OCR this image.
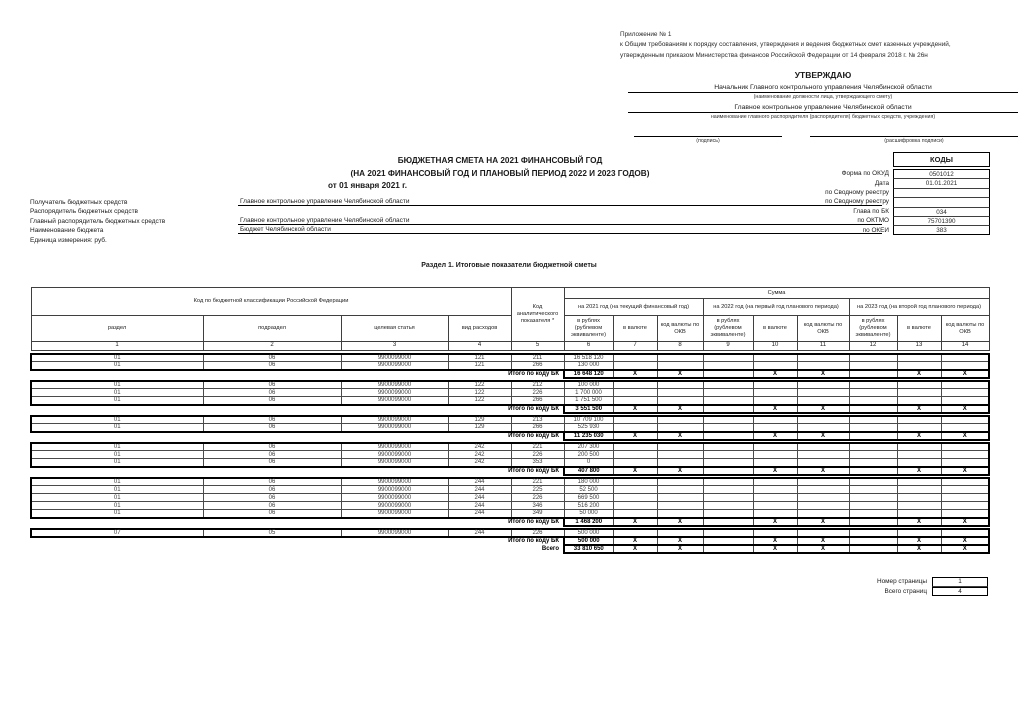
Приложение № 1
к Общим требованиям к порядку составления, утверждения и ведения бюджетных смет казенных учреждений,
утвержденным приказом Министерства финансов Российской Федерации от 14 февраля 2018 г. № 26н
УТВЕРЖДАЮ
Начальник Главного контрольного управления Челябинской области
(наименование должности лица, утверждающего смету)
Главное контрольное управление Челябинской области
наименование главного распорядителя (распорядителя) бюджетных средств, учреждения)
(подпись)	(расшифровка подписи)
БЮДЖЕТНАЯ СМЕТА НА 2021 ФИНАНСОВЫЙ ГОД
(НА 2021 ФИНАНСОВЫЙ ГОД И ПЛАНОВЫЙ ПЕРИОД 2022 И 2023 ГОДОВ)
от 01 января 2021 г.
Получатель бюджетных средств	Главное контрольное управление Челябинской области
Распорядитель бюджетных средств
Главный распорядитель бюджетных средств	Главное контрольное управление Челябинской области
Наименование бюджета	Бюджет Челябинской области
Единица измерения: руб.
КОДЫ
Форма по ОКУД	0501012
Дата	01.01.2021
по Сводному реестру
по Сводному реестру
Глава по БК	034
по ОКТМО	75701390
по ОКЕИ	383
Раздел 1. Итоговые показатели бюджетной сметы
Код по бюджетной классификации Российской Федерации				Код аналитического показателя *	Сумма								
					на 2021 год (на текущий финансовый год)			на 2022 год (на первый год планового периода)			на 2023 год (на второй год планового периода)		
раздел	подраздел	целевая статья	вид расходов		в рублях (рублевом эквиваленте)	в валюте	код валюты по ОКВ	в рублях (рублевом эквиваленте)	в валюте	код валюты по ОКВ	в рублях (рублевом эквиваленте)	в валюте	код валюты по ОКВ
1	2	3	4	5	6	7	8	9	10	11	12	13	14

01	06	9900099000	121	211	16 518 120								
01	06	9900099000	121	266	130 000								
Итого по коду БК					16 648 120	X	X		X	X		X	X

01	06	9900099000	122	212	100 000								
01	06	9900099000	122	226	1 700 000								
01	06	9900099000	122	266	1 751 500								
Итого по коду БК					3 551 500	X	X		X	X		X	X

01	06	9900099000	129	213	10 709 100								
01	06	9900099000	129	266	525 930								
Итого по коду БК					11 235 030	X	X		X	X		X	X

01	06	9900099000	242	221	207 300								
01	06	9900099000	242	226	200 500								
01	06	9900099000	242	353	0								
Итого по коду БК					407 800	X	X		X	X		X	X

01	06	9900099000	244	221	180 000								
01	06	9900099000	244	225	52 500								
01	06	9900099000	244	226	669 500								
01	06	9900099000	244	346	516 200								
01	06	9900099000	244	349	50 000								
Итого по коду БК					1 468 200	X	X		X	X		X	X

07	05	9900099000	244	226	500 000								
Итого по коду БК					500 000	X	X		X	X		X	X
Всего					33 810 650	X	X		X	X		X	X
Номер страницы	1
Всего страниц	4
